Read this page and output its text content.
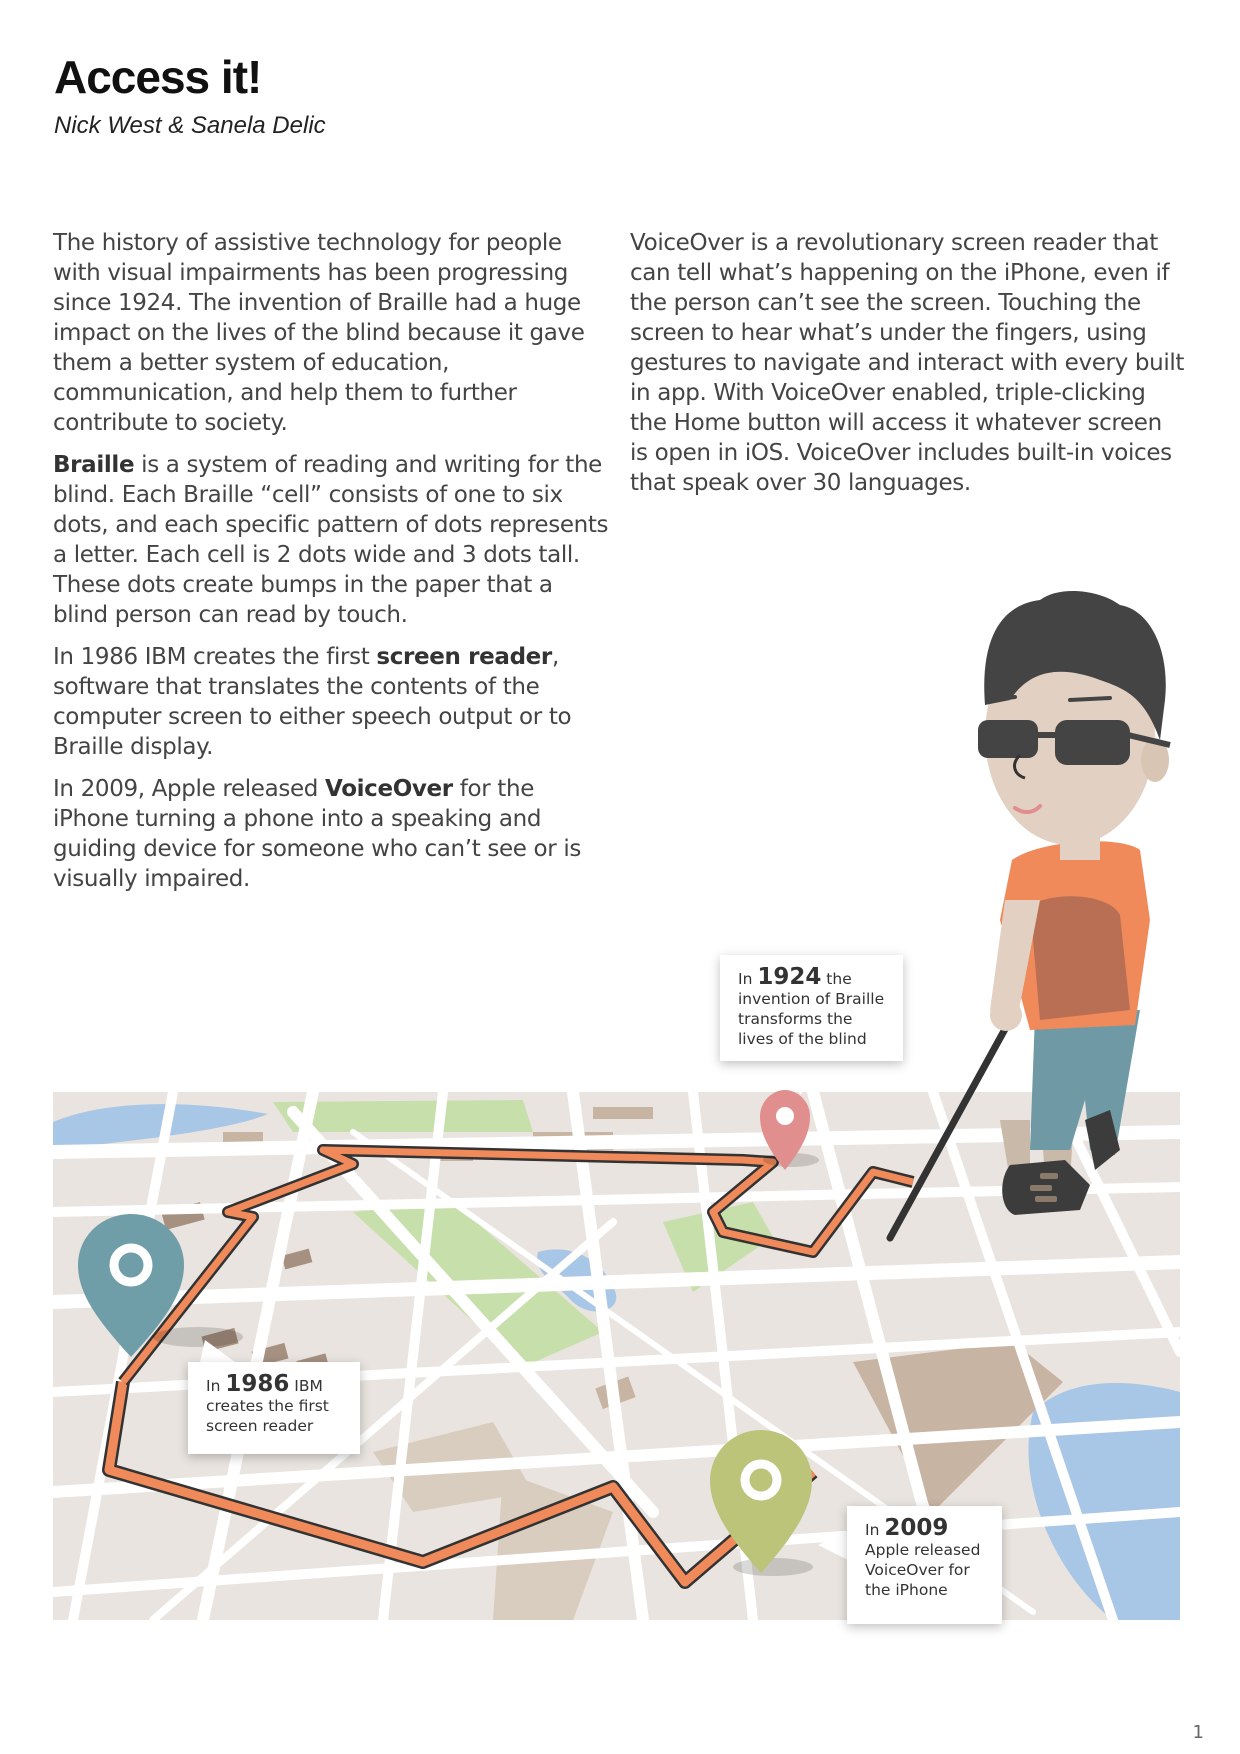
Access it!
Nick West & Sanela Delic

The history of assistive technology for people with visual impairments has been progressing since 1924. The invention of Braille had a huge impact on the lives of the blind because it gave them a better system of education, communication, and help them to further contribute to society.

Braille is a system of reading and writing for the blind. Each Braille “cell” consists of one to six dots, and each specific pattern of dots represents a letter. Each cell is 2 dots wide and 3 dots tall. These dots create bumps in the paper that a blind person can read by touch.

In 1986 IBM creates the first screen reader, software that translates the contents of the computer screen to either speech output or to Braille display.

In 2009, Apple released VoiceOver for the iPhone turning a phone into a speaking and guiding device for someone who can’t see or is visually impaired.

VoiceOver is a revolutionary screen reader that can tell what’s happening on the iPhone, even if the person can’t see the screen. Touching the screen to hear what’s under the fingers, using gestures to navigate and interact with every built in app. With VoiceOver enabled, triple-clicking the Home button will access it whatever screen is open in iOS. VoiceOver includes built-in voices that speak over 30 languages.

In 1924 the
invention of Braille transforms the lives of the blind
In 1986 IBM
creates the first screen reader
In 2009
Apple released VoiceOver for the iPhone
1
